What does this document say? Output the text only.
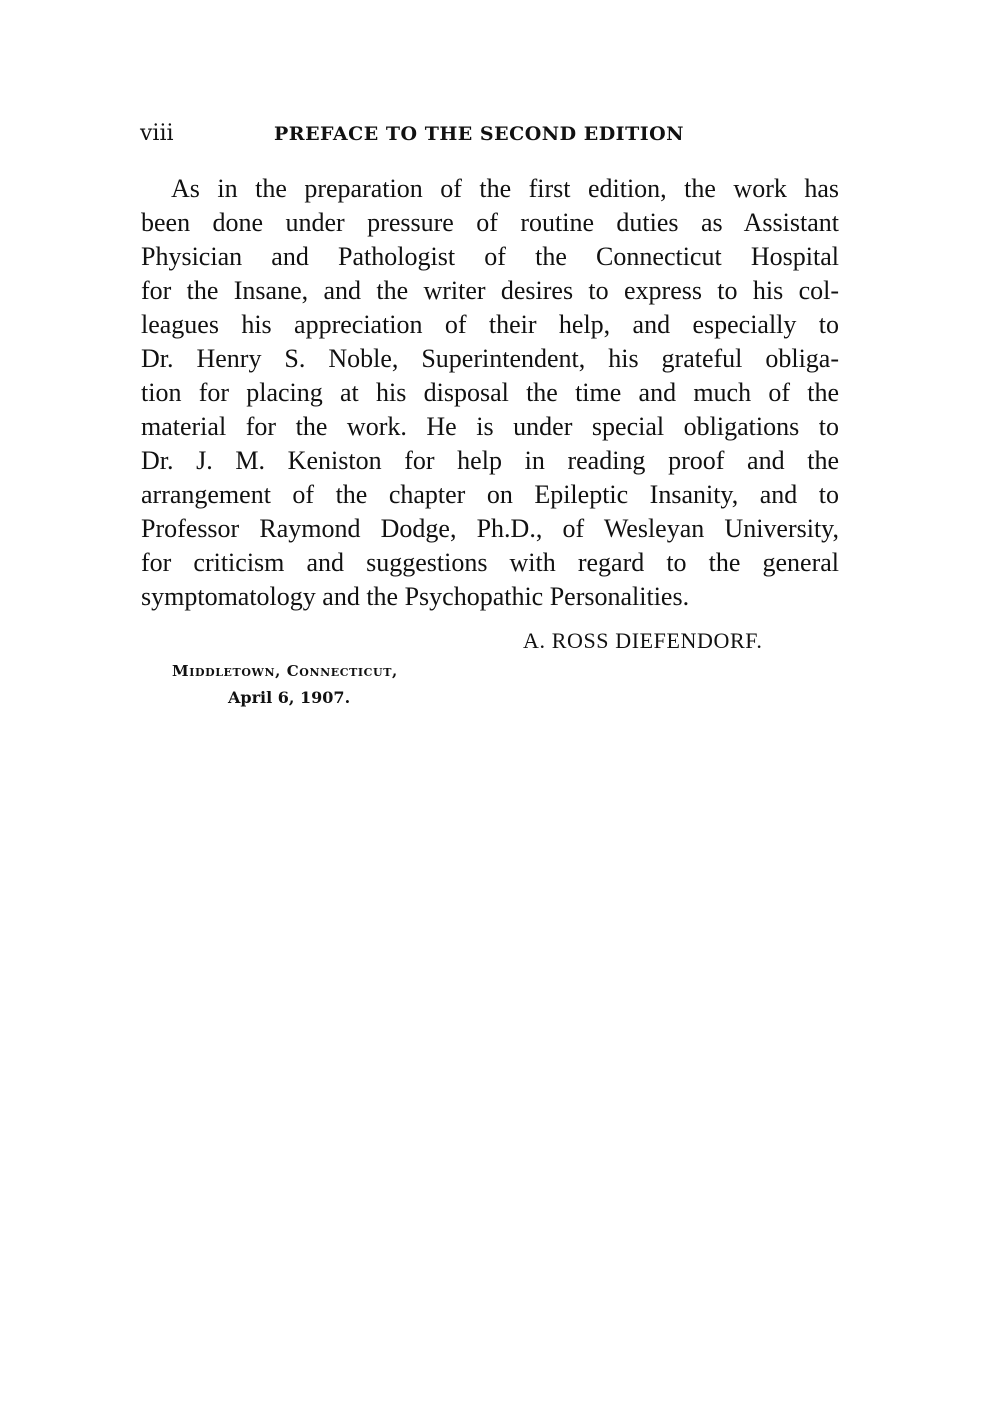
viii	PREFACE TO THE SECOND EDITION
As in the preparation of the first edition, the work has
been done under pressure of routine duties as Assistant
Physician and Pathologist of the Connecticut Hospital
for the Insane, and the writer desires to express to his col-
leagues his appreciation of their help, and especially to
Dr. Henry S. Noble, Superintendent, his grateful obliga-
tion for placing at his disposal the time and much of the
material for the work. He is under special obligations to
Dr. J. M. Keniston for help in reading proof and the
arrangement of the chapter on Epileptic Insanity, and to
Professor Raymond Dodge, Ph.D., of Wesleyan University,
for criticism and suggestions with regard to the general
symptomatology and the Psychopathic Personalities.
A. ROSS DIEFENDORF.
Middletown, Connecticut,
April 6, 1907.
